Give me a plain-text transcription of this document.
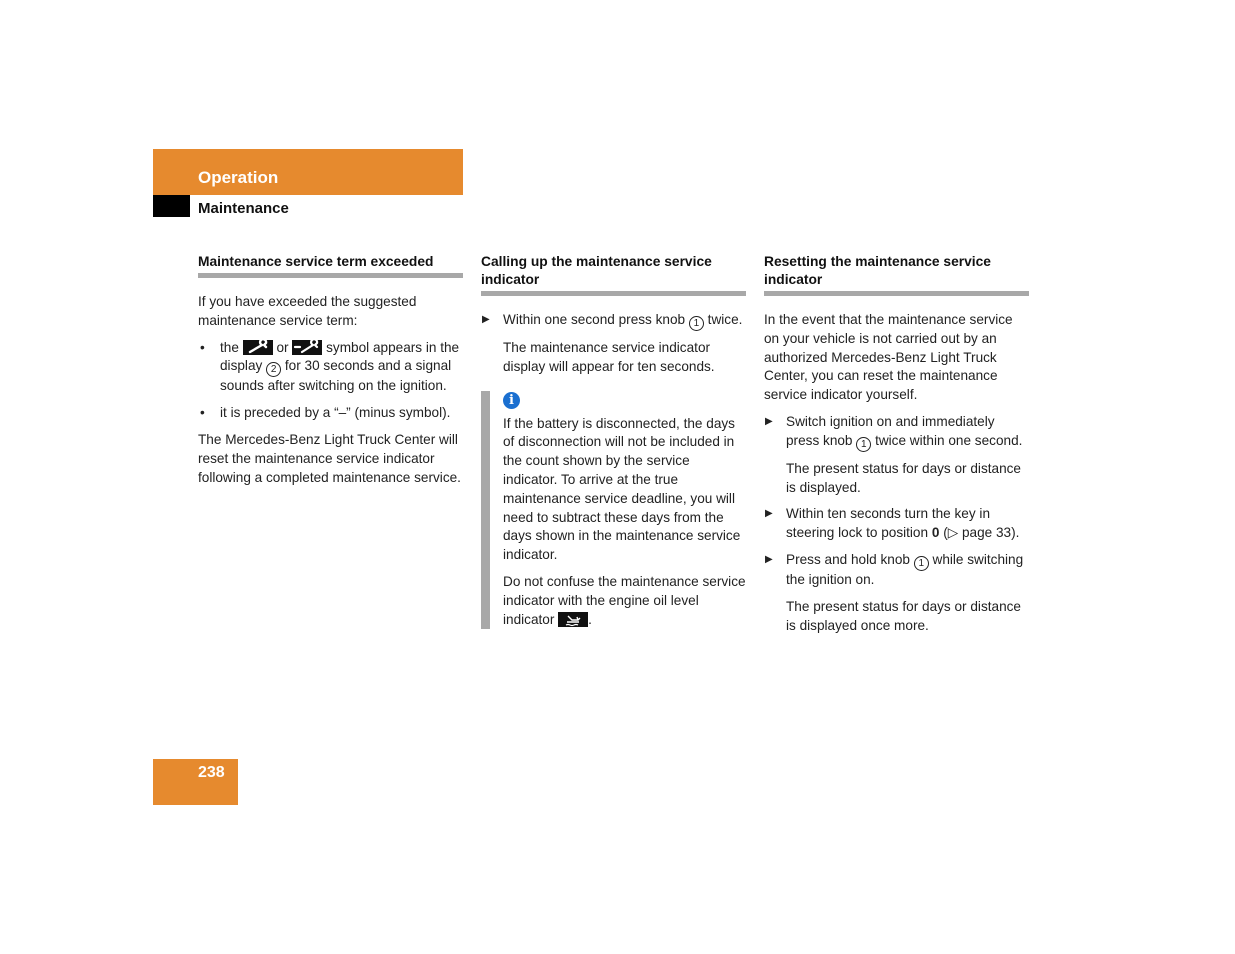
Operation
Maintenance
Maintenance service term exceeded

If you have exceeded the suggested maintenance service term:

• the	or	symbol appears in the display 2 for 30 seconds and a signal sounds after switching on the ignition.
• it is preceded by a “–” (minus symbol).

The Mercedes-Benz Light Truck Center will reset the maintenance service indicator following a completed maintenance service.

Calling up the maintenance service indicator
▶ Within one second press knob 1 twice.

The maintenance service indicator display will appear for ten seconds.

i

If the battery is disconnected, the days of disconnection will not be included in the count shown by the service indicator. To arrive at the true maintenance service deadline, you will need to subtract these days from the days shown in the maintenance service indicator.

Do not confuse the maintenance service indicator with the engine oil level indicator .

Resetting the maintenance service indicator

In the event that the maintenance service on your vehicle is not carried out by an authorized Mercedes-Benz Light Truck Center, you can reset the maintenance service indicator yourself.

▶ Switch ignition on and immediately press knob 1 twice within one second.

The present status for days or distance is displayed.

▶ Within ten seconds turn the key in steering lock to position 0 (▷ page 33).
▶ Press and hold knob 1 while switching the ignition on.

The present status for days or distance is displayed once more.

238
